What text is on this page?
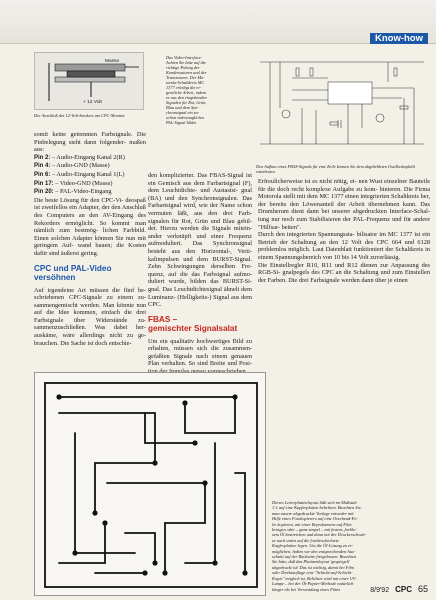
Know-how
Masse
+ 12 Volt
Der Anschluß des 12-Volt-Steckers am CPC-Monitor
Das Video-Interface:
Achten Sie bitte auf die
richtige Polung der
Kondensatoren und der
Transistoren. Der Mo-
torola-Schaltkreis MC
1377 erledigt die ei-
gentliche Arbeit, indem
er aus den eingehenden
Signalen für Rot, Grün,
Blau und dem Syn-
chronsignal ein zu-
schon videotaugliches
PAL-Signal bildet
Den Aufbau eines FBAS-Signals für eine Zeile können Sie dem abgebildeten Oszilloskopbild entnehmen.

somit keine getrennten Farbsignale. Die Pinbelegung sieht dann folgender- maßen aus:

Pin 2: – Audio-Eingang Kanal 2(R)
Pin 4: – Audio-GND (Masse)
Pin 6: – Audio-Eingang Kanal 1(L)
Pin 17: – Video-GND (Masse)
Pin 20: – PAL-Video-Eingang

Die beste Lösung für den CPC-Vi- deospaß ist zweifellos ein Adapter, der den Anschluß des Computers an den AV-Eingang des Rekorders ermöglicht. So kommt man nämlich zum bestmög- lichen Farbbild. Einen solchen Adapter können Sie nun mit geringem Auf- wand bauen; die Kosten dafür sind äußerst gering.

CPC und PAL-Video
versöhnen

Auf irgendeine Art müssen die fünf be- schriebenen CPC-Signale zu einem zu- sammengemischt werden. Man könnte nun auf die Idee kommen, einfach die drei Farbsignale über Widerstände zu- sammenzuschließen. Was dabei her- auskäme, wäre allerdings nicht zu ge- brauchen. Die Sache ist doch entschie-

den komplizierter. Das FBAS-Signal ist ein Gemisch aus dem Farbartsignal (F), dem Leuchtdichte- und Austastsi- gnal (BA) und den Synchronsignalen. Das Farbartsignal wird, wie der Name schon vermuten läßt, aus den drei Farb- signalen für Rot, Grün und Blau gebil- det. Hierzu werden die Signale mitein- ander verknüpft und einer Frequenz aufmoduliert. Das Synchronsignal besteht aus den Horizontal-, Verti- kalimpulsen und dem BURST-Signal. Zehn Schwingungen derselben Fre- quenz, auf die das Farbsignal aufmo- duliert wurde, bilden das BURST-Si- gnal. Das Leuchtdichtesignal ähnelt dem Luminanz- (Helligkeits-) Signal aus dem CPC.

FBAS –
gemischter Signalsalat

Um ein qualitativ hochwertiges Bild zu erhalten, müssen sich die zusammen- gefaßten Signale nach einem genauen Plan verhalten. So sind Breite und Posi-

Erfreulicherweise ist es nicht nötig, ei- nen Wust einzelner Bauteile für die doch recht komplexe Aufgabe zu kom- binieren. Die Firma Motorola stellt mit dem MC 1377 einen integrierten Schaltkreis her, der bereits den Löwenanteil der Arbeit übernehmen kann. Das Drumherum dient dann bei unserer abgedruckten Interface-Schal- tung nur noch zum Stabilisieren der PAL-Frequenz und für andere "Hilfsar- beiten".

Durch den integrierten Spannungssta- bilisator im MC 1377 ist ein Betrieb der Schaltung an den 12 Volt des CPC 664 und 6128 problemlos möglich. Laut Datenblatt funktioniert der Schaltkreis in einem Spannungsbereich von 10 bis 14 Volt zuverlässig.

Die Einstellregler R10, R11 und R12 dienen zur Anpassung des RGB-Si- gnalpegels des CPC an die Schaltung und zum Einstellen der Farben. Die drei Farbsignale werden dann über je einen

Dieses Leiterplattenlayout läßt sich im Maßstab
1:1 auf eine Kupferplatine belichten. Beachten Sie,
man unsere abgedruckte Vorlage entweder mit
Hilfe eines Fotokopierers auf eine Overhead-Fo-
lie kopieren, mit einer Reprokamera auf Film
bringen oder – ganz simpel – mit festem, farblo-
sem Öl bestreichen und dann mit der Druckerschwär-
ze nach unten auf die fotobeschichtete
Kupferplatine legen. Um die Öl-Lösung zu er-
möglichen, haben wir den entsprechenden Aus-
schnitt auf der Rückseite freigelassen. Beachten
Sie bitte, daß das Platinenlayout 'gespiegelt'
abgedruckt ist! Das ist wichtig, damit bei Film
oder Direktauflage eine "Schicht-auf-Schicht-
Kopie" möglich ist. Belichtet wird mit einer UV-
Lampe – bei der Öl-Papier-Methode natürlich
länger als bei Verwendung eines Films	8/9'92 CPC 65
